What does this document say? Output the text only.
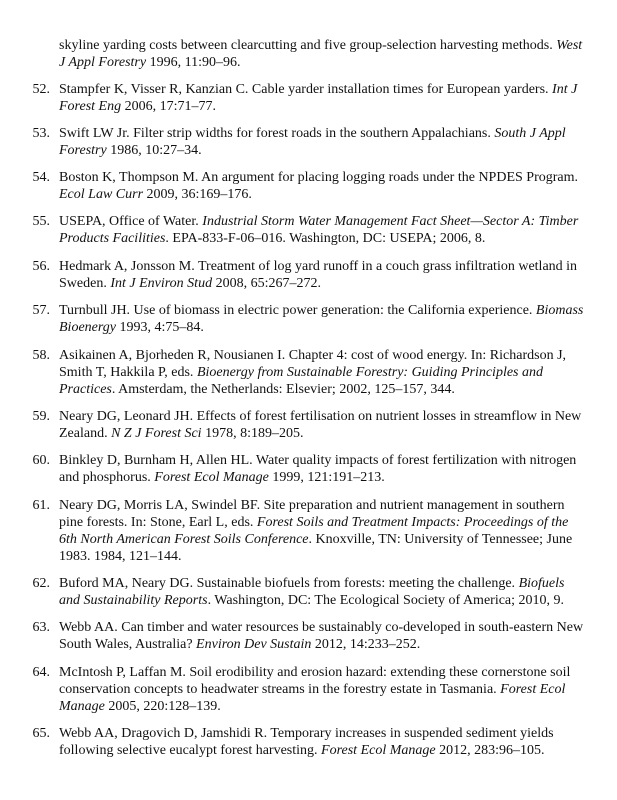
skyline yarding costs between clearcutting and five group-selection harvesting methods. West J Appl Forestry 1996, 11:90–96.
52. Stampfer K, Visser R, Kanzian C. Cable yarder installation times for European yarders. Int J Forest Eng 2006, 17:71–77.
53. Swift LW Jr. Filter strip widths for forest roads in the southern Appalachians. South J Appl Forestry 1986, 10:27–34.
54. Boston K, Thompson M. An argument for placing logging roads under the NPDES Program. Ecol Law Curr 2009, 36:169–176.
55. USEPA, Office of Water. Industrial Storm Water Management Fact Sheet—Sector A: Timber Products Facilities. EPA-833-F-06–016. Washington, DC: USEPA; 2006, 8.
56. Hedmark A, Jonsson M. Treatment of log yard runoff in a couch grass infiltration wetland in Sweden. Int J Environ Stud 2008, 65:267–272.
57. Turnbull JH. Use of biomass in electric power generation: the California experience. Biomass Bioenergy 1993, 4:75–84.
58. Asikainen A, Bjorheden R, Nousianen I. Chapter 4: cost of wood energy. In: Richardson J, Smith T, Hakkila P, eds. Bioenergy from Sustainable Forestry: Guiding Principles and Practices. Amsterdam, the Netherlands: Elsevier; 2002, 125–157, 344.
59. Neary DG, Leonard JH. Effects of forest fertilisation on nutrient losses in streamflow in New Zealand. N Z J Forest Sci 1978, 8:189–205.
60. Binkley D, Burnham H, Allen HL. Water quality impacts of forest fertilization with nitrogen and phosphorus. Forest Ecol Manage 1999, 121:191–213.
61. Neary DG, Morris LA, Swindel BF. Site preparation and nutrient management in southern pine forests. In: Stone, Earl L, eds. Forest Soils and Treatment Impacts: Proceedings of the 6th North American Forest Soils Conference. Knoxville, TN: University of Tennessee; June 1983. 1984, 121–144.
62. Buford MA, Neary DG. Sustainable biofuels from forests: meeting the challenge. Biofuels and Sustainability Reports. Washington, DC: The Ecological Society of America; 2010, 9.
63. Webb AA. Can timber and water resources be sustainably co-developed in south-eastern New South Wales, Australia? Environ Dev Sustain 2012, 14:233–252.
64. McIntosh P, Laffan M. Soil erodibility and erosion hazard: extending these cornerstone soil conservation concepts to headwater streams in the forestry estate in Tasmania. Forest Ecol Manage 2005, 220:128–139.
65. Webb AA, Dragovich D, Jamshidi R. Temporary increases in suspended sediment yields following selective eucalypt forest harvesting. Forest Ecol Manage 2012, 283:96–105.
